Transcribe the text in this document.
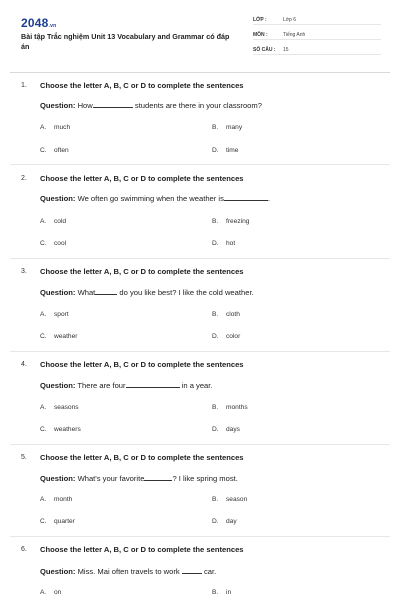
2048.vn
Bài tập Trắc nghiệm Unit 13 Vocabulary and Grammar có đáp án
LỚP :	Lớp 6
MÔN :	Tiếng Anh
SỐ CÂU : 15
1. Choose the letter A, B, C or D to complete the sentences
Question: How	students are there in your classroom?
A. much	B. many
C. often	D. time
2. Choose the letter A, B, C or D to complete the sentences
Question: We often go swimming when the weather is	.
A. cold	B. freezing
C. cool	D. hot
3. Choose the letter A, B, C or D to complete the sentences
Question: What	do you like best? I like the cold weather.
A. sport	B. cloth
C. weather	D. color
4. Choose the letter A, B, C or D to complete the sentences
Question: There are four	in a year.
A. seasons	B. months
C. weathers	D. days
5. Choose the letter A, B, C or D to complete the sentences
Question: What's your favorite	? I like spring most.
A. month	B. season
C. quarter	D. day
6. Choose the letter A, B, C or D to complete the sentences
Question: Miss. Mai often travels to work	car.
A. on	B. in
